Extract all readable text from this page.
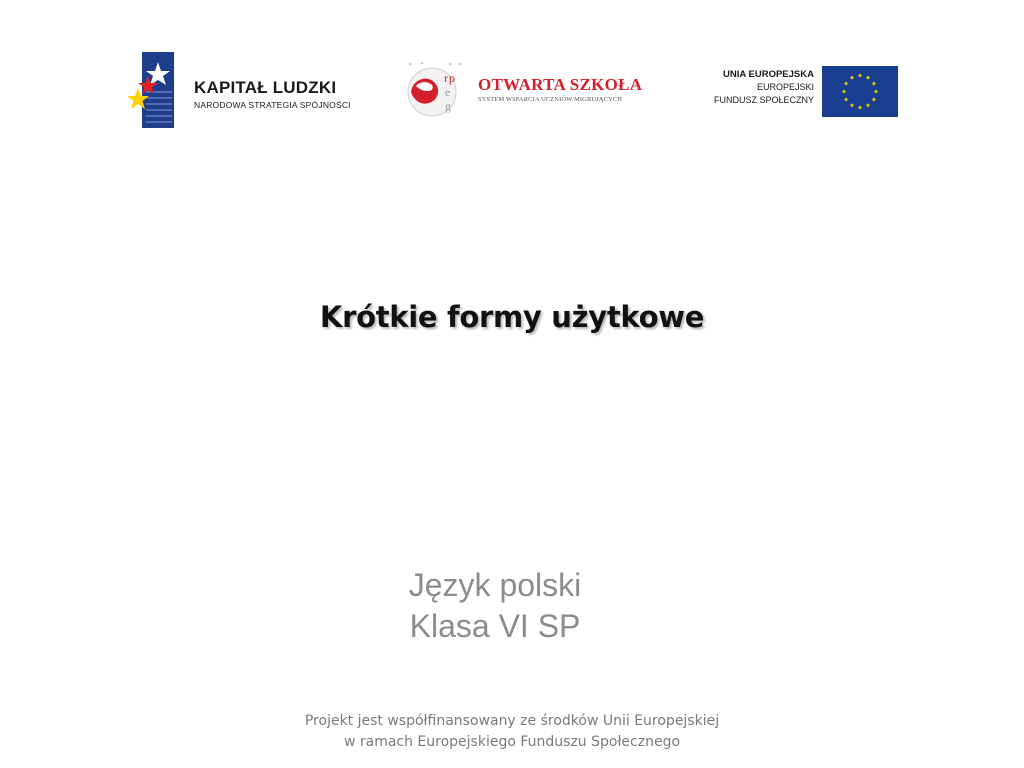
KAPITAŁ LUDZKI
NARODOWA STRATEGIA SPÓJNOŚCI
r p
e
g
OTWARTA SZKOŁA
SYSTEM WSPARCIA UCZNIÓW MIGRUJĄCYCH
UNIA EUROPEJSKA
EUROPEJSKI
FUNDUSZ SPOŁECZNY
Krótkie formy użytkowe
Język polski
Klasa VI SP
Projekt jest współfinansowany ze środków Unii Europejskiej
w ramach Europejskiego Funduszu Społecznego
